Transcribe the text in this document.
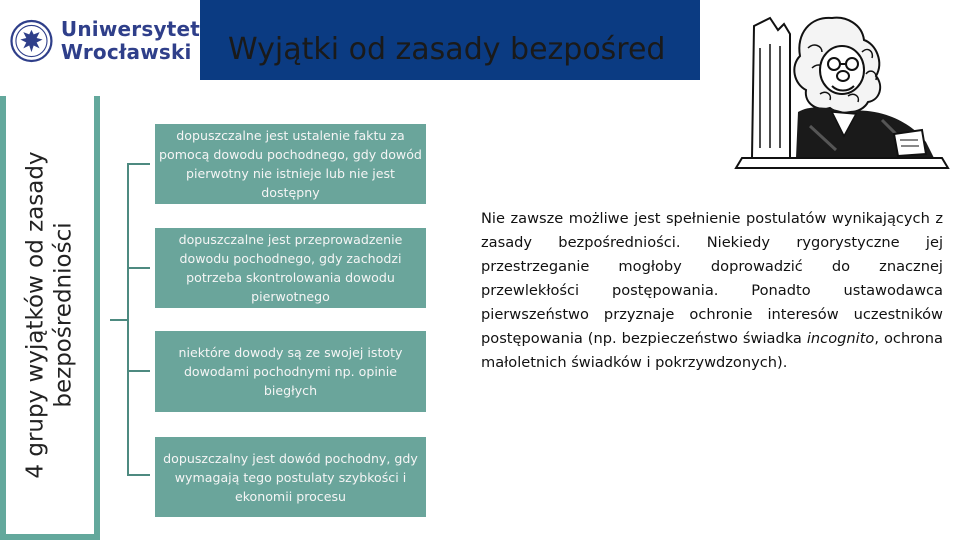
Uniwersytet
Wrocławski Wyjątki od zasady bezpośred
4 grupy wyjątków od zasady bezpośredniości
dopuszczalne jest ustalenie faktu za pomocą dowodu pochodnego, gdy dowód pierwotny nie istnieje lub nie jest dostępny
dopuszczalne jest przeprowadzenie dowodu pochodnego, gdy zachodzi potrzeba skontrolowania dowodu pierwotnego
niektóre dowody są ze swojej istoty dowodami pochodnymi np. opinie biegłych
dopuszczalny jest dowód pochodny, gdy wymagają tego postulaty szybkości i ekonomii procesu

Nie zawsze możliwe jest spełnienie postulatów wynikających z zasady bezpośredniości. Niekiedy rygorystyczne jej przestrzeganie mogłoby doprowadzić do znacznej przewlekłości postępowania. Ponadto ustawodawca pierwszeństwo przyznaje ochronie interesów uczestników postępowania (np. bezpieczeństwo świadka incognito, ochrona małoletnich świadków i pokrzywdzonych).
